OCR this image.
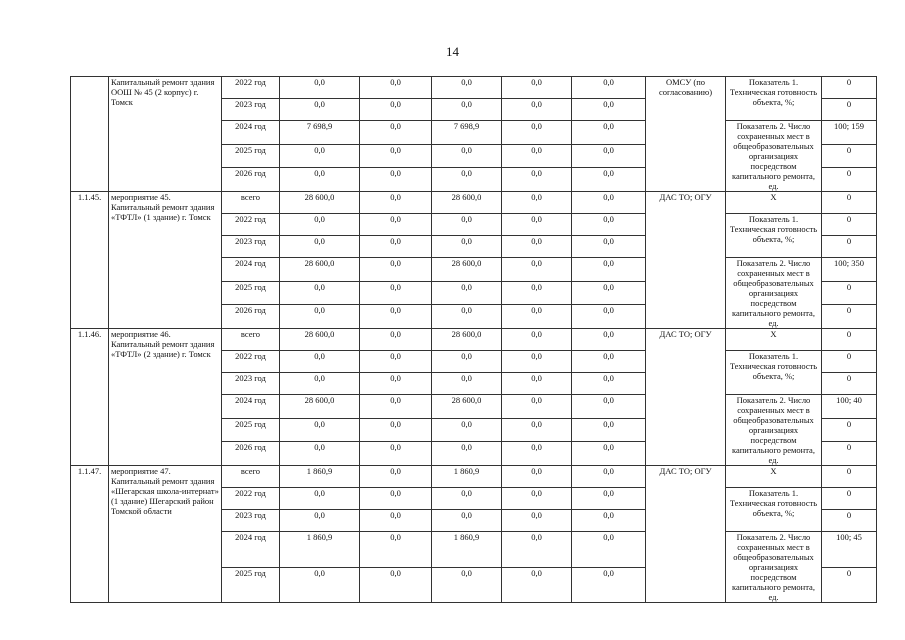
14
	Капитальный ремонт здания ООШ № 45 (2 корпус) г. Томск	2022 год	0,0	0,0	0,0	0,0	0,0	ОМСУ (по согласованию)	Показатель 1. Техническая готовность объекта, %;	0
		2023 год	0,0	0,0	0,0	0,0	0,0			0
		2024 год	7 698,9	0,0	7 698,9	0,0	0,0		Показатель 2. Число сохраненных мест в общеобразовательных организациях посредством капитального ремонта, ед.	100; 159
		2025 год	0,0	0,0	0,0	0,0	0,0			0
		2026 год	0,0	0,0	0,0	0,0	0,0			0
1.1.45.	мероприятие 45. Капитальный ремонт здания «ТФТЛ» (1 здание) г. Томск	всего	28 600,0	0,0	28 600,0	0,0	0,0	ДАС ТО; ОГУ	Х	0
		2022 год	0,0	0,0	0,0	0,0	0,0		Показатель 1. Техническая готовность объекта, %;	0
		2023 год	0,0	0,0	0,0	0,0	0,0			0
		2024 год	28 600,0	0,0	28 600,0	0,0	0,0		Показатель 2. Число сохраненных мест в общеобразовательных организациях посредством капитального ремонта, ед.	100; 350
		2025 год	0,0	0,0	0,0	0,0	0,0			0
		2026 год	0,0	0,0	0,0	0,0	0,0			0
1.1.46.	мероприятие 46. Капитальный ремонт здания «ТФТЛ» (2 здание) г. Томск	всего	28 600,0	0,0	28 600,0	0,0	0,0	ДАС ТО; ОГУ	Х	0
		2022 год	0,0	0,0	0,0	0,0	0,0		Показатель 1. Техническая готовность объекта, %;	0
		2023 год	0,0	0,0	0,0	0,0	0,0			0
		2024 год	28 600,0	0,0	28 600,0	0,0	0,0		Показатель 2. Число сохраненных мест в общеобразовательных организациях посредством капитального ремонта, ед.	100; 40
		2025 год	0,0	0,0	0,0	0,0	0,0			0
		2026 год	0,0	0,0	0,0	0,0	0,0			0
1.1.47.	мероприятие 47. Капитальный ремонт здания «Шегарская школа-интернат» (1 здание) Шегарский район Томской области	всего	1 860,9	0,0	1 860,9	0,0	0,0	ДАС ТО; ОГУ	Х	0
		2022 год	0,0	0,0	0,0	0,0	0,0		Показатель 1. Техническая готовность объекта, %;	0
		2023 год	0,0	0,0	0,0	0,0	0,0			0
		2024 год	1 860,9	0,0	1 860,9	0,0	0,0		Показатель 2. Число сохраненных мест в общеобразовательных организациях посредством капитального ремонта, ед.	100; 45
		2025 год	0,0	0,0	0,0	0,0	0,0			0
